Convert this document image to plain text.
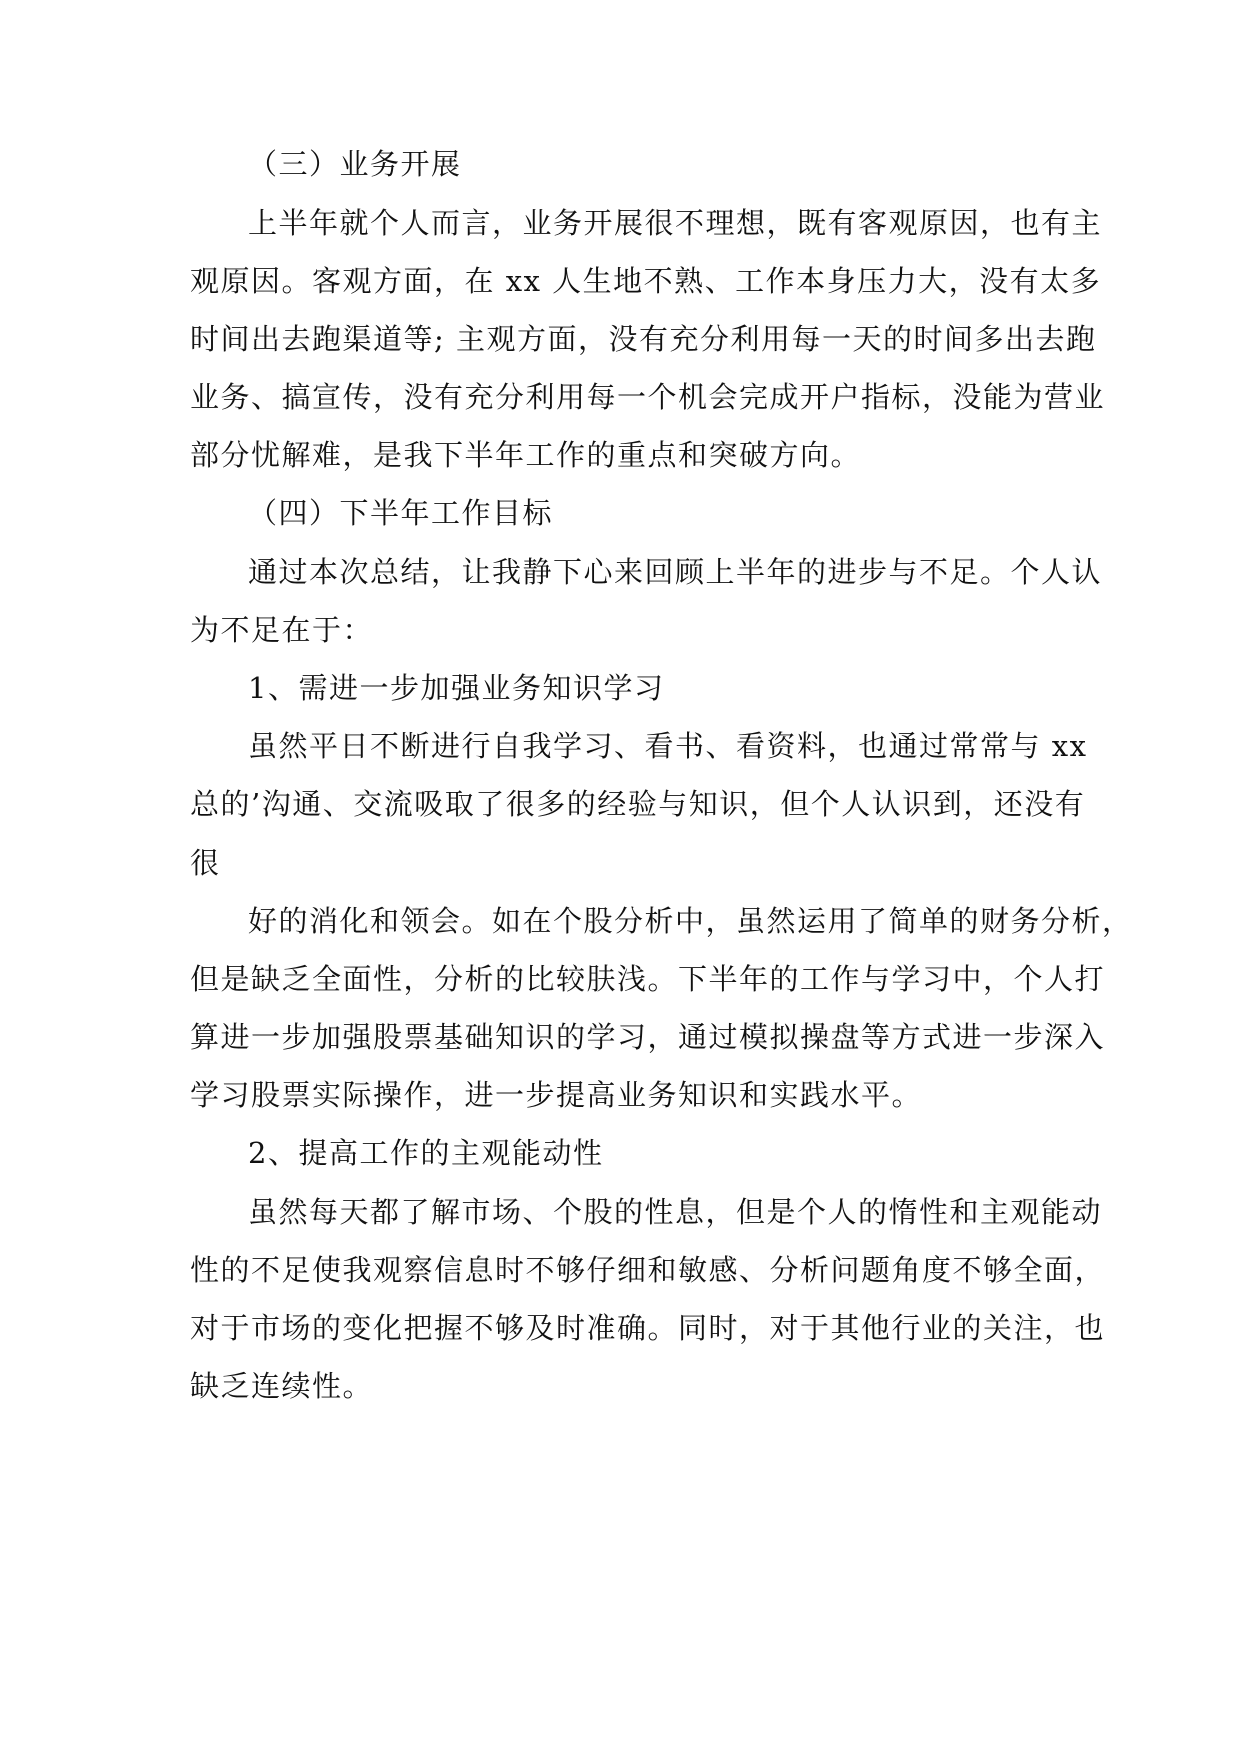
（三）业务开展
上半年就个人而言，业务开展很不理想，既有客观原因，也有主
观原因。客观方面，在 xx 人生地不熟、工作本身压力大，没有太多
时间出去跑渠道等; 主观方面，没有充分利用每一天的时间多出去跑
业务、搞宣传，没有充分利用每一个机会完成开户指标，没能为营业
部分忧解难，是我下半年工作的重点和突破方向。
（四）下半年工作目标
通过本次总结，让我静下心来回顾上半年的进步与不足。个人认
为不足在于：
1、需进一步加强业务知识学习
虽然平日不断进行自我学习、看书、看资料，也通过常常与 xx
总的’沟通、交流吸取了很多的经验与知识，但个人认识到，还没有
很
好的消化和领会。如在个股分析中，虽然运用了简单的财务分析，
但是缺乏全面性，分析的比较肤浅。下半年的工作与学习中，个人打
算进一步加强股票基础知识的学习，通过模拟操盘等方式进一步深入
学习股票实际操作，进一步提高业务知识和实践水平。
2、提高工作的主观能动性
虽然每天都了解市场、个股的性息，但是个人的惰性和主观能动
性的不足使我观察信息时不够仔细和敏感、分析问题角度不够全面，
对于市场的变化把握不够及时准确。同时，对于其他行业的关注，也
缺乏连续性。
